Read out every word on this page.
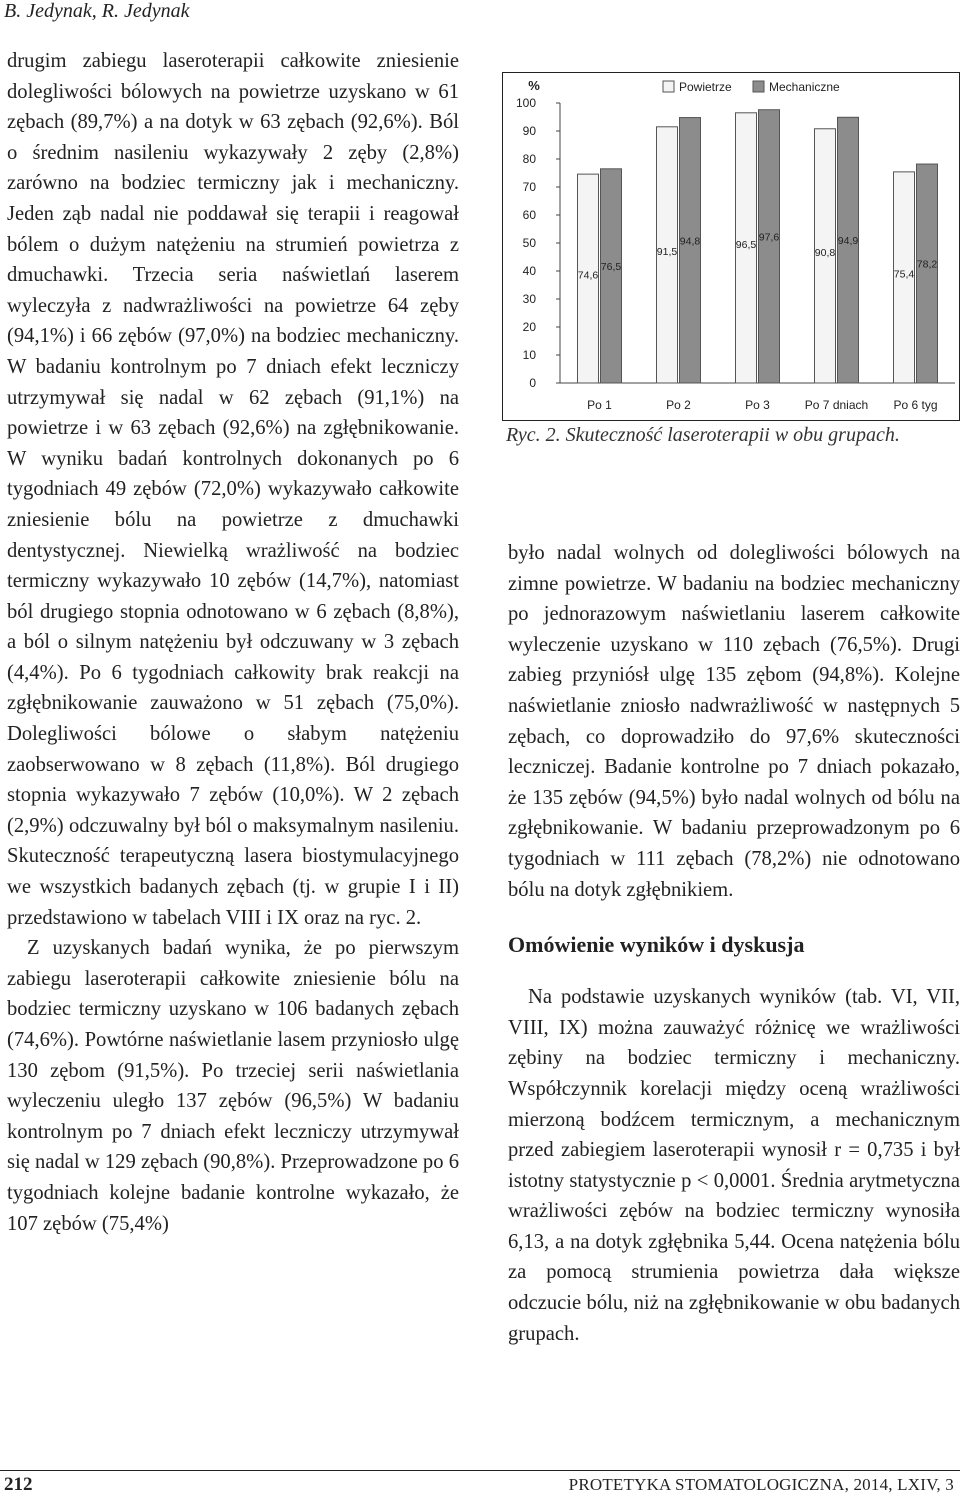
B. Jedynak, R. Jedynak

drugim zabiegu laseroterapii całkowite zniesienie dolegliwości bólowych na powietrze uzyskano w 61 zębach (89,7%) a na dotyk w 63 zębach (92,6%). Ból o średnim nasileniu wykazywały 2 zęby (2,8%) zarówno na bodziec termiczny jak i mechaniczny. Jeden ząb nadal nie poddawał się terapii i reagował bólem o dużym natężeniu na strumień powietrza z dmuchawki. Trzecia seria naświetlań laserem wyleczyła z nadwrażliwości na powietrze 64 zęby (94,1%) i 66 zębów (97,0%) na bodziec mechaniczny. W badaniu kontrolnym po 7 dniach efekt leczniczy utrzymywał się nadal w 62 zębach (91,1%) na powietrze i w 63 zębach (92,6%) na zgłębnikowanie. W wyniku badań kontrolnych dokonanych po 6 tygodniach 49 zębów (72,0%) wykazywało całkowite zniesienie bólu na powietrze z dmuchawki dentystycznej. Niewielką wrażliwość na bodziec termiczny wykazywało 10 zębów (14,7%), natomiast ból drugiego stopnia odnotowano w 6 zębach (8,8%), a ból o silnym natężeniu był odczuwany w 3 zębach (4,4%). Po 6 tygodniach całkowity brak reakcji na zgłębnikowanie zauważono w 51 zębach (75,0%). Dolegliwości bólowe o słabym natężeniu zaobserwowano w 8 zębach (11,8%). Ból drugiego stopnia wykazywało 7 zębów (10,0%). W 2 zębach (2,9%) odczuwalny był ból o maksymalnym nasileniu. Skuteczność terapeutyczną lasera biostymulacyjnego we wszystkich badanych zębach (tj. w grupie I i II) przedstawiono w tabelach VIII i IX oraz na ryc. 2.

Z uzyskanych badań wynika, że po pierwszym zabiegu laseroterapii całkowite zniesienie bólu na bodziec termiczny uzyskano w 106 badanych zębach (74,6%). Powtórne naświetlanie lasem przyniosło ulgę 130 zębom (91,5%). Po trzeciej serii naświetlania wyleczeniu uległo 137 zębów (96,5%) W badaniu kontrolnym po 7 dniach efekt leczniczy utrzymywał się nadal w 129 zębach (90,8%). Przeprowadzone po 6 tygodniach kolejne badanie kontrolne wykazało, że 107 zębów (75,4%)

%
0
10
20
30
40
50
60
70
80
90
100
Po 1	Po 2	Po 3	Po 7 dniach Po 6 tyg
74,6
76,5
91,5
94,8	96,5
97,6
90,8
94,9
75,4
78,2
Powietrze	Mechaniczne
Ryc. 2. Skuteczność laseroterapii w obu grupach.

było nadal wolnych od dolegliwości bólowych na zimne powietrze. W badaniu na bodziec mechaniczny po jednorazowym naświetlaniu laserem całkowite wyleczenie uzyskano w 110 zębach (76,5%). Drugi zabieg przyniósł ulgę 135 zębom (94,8%). Kolejne naświetlanie zniosło nadwrażliwość w następnych 5 zębach, co doprowadziło do 97,6% skuteczności leczniczej. Badanie kontrolne po 7 dniach pokazało, że 135 zębów (94,5%) było nadal wolnych od bólu na zgłębnikowanie. W badaniu przeprowadzonym po 6 tygodniach w 111 zębach (78,2%) nie odnotowano bólu na dotyk zgłębnikiem.

Omówienie wyników i dyskusja

Na podstawie uzyskanych wyników (tab. VI, VII, VIII, IX) można zauważyć różnicę we wrażliwości zębiny na bodziec termiczny i mechaniczny. Współczynnik korelacji między oceną wrażliwości mierzoną bodźcem termicznym, a mechanicznym przed zabiegiem laseroterapii wynosił r = 0,735 i był istotny statystycznie p < 0,0001. Średnia arytmetyczna wrażliwości zębów na bodziec termiczny wynosiła 6,13, a na dotyk zgłębnika 5,44. Ocena natężenia bólu za pomocą strumienia powietrza dała większe odczucie bólu, niż na zgłębnikowanie w obu badanych grupach.

212	PROTETYKA STOMATOLOGICZNA, 2014, LXIV, 3
